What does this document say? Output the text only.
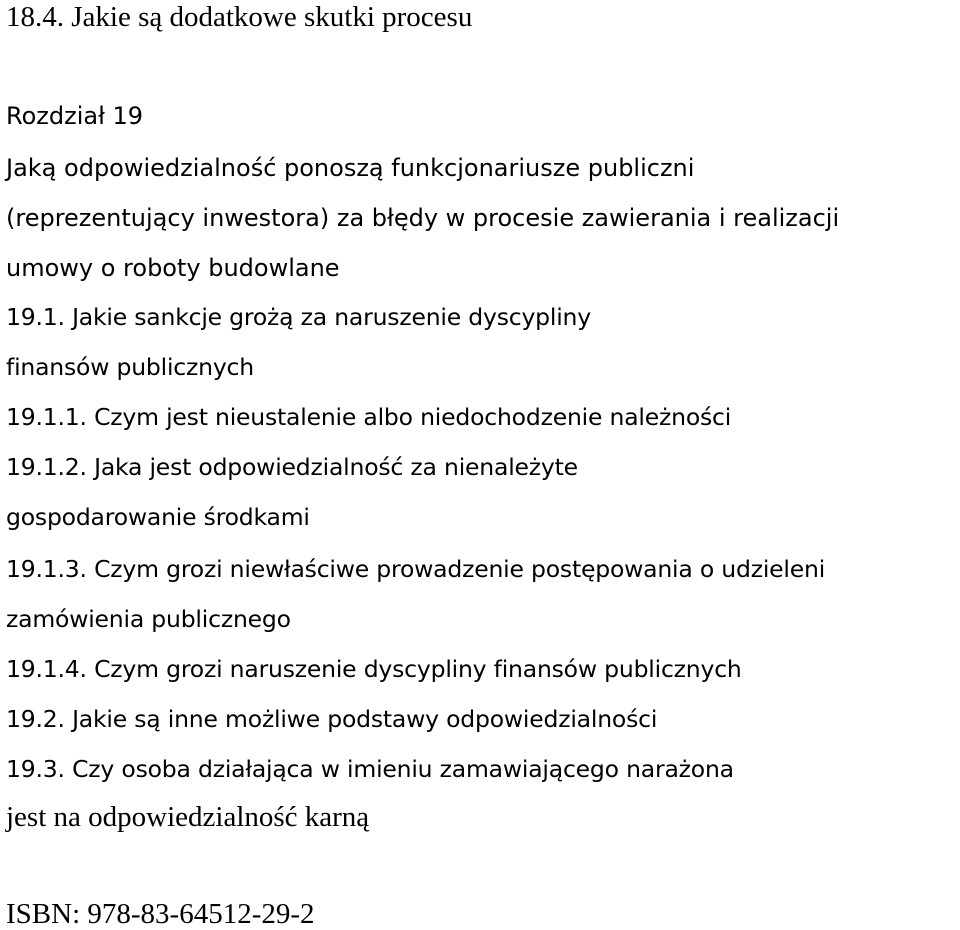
18.4. Jakie są dodatkowe skutki procesu
Rozdział 19
Jaką odpowiedzialność ponoszą funkcjonariusze publiczni
(reprezentujący inwestora) za błędy w procesie zawierania i realizacji
umowy o roboty budowlane
19.1. Jakie sankcje grożą za naruszenie dyscypliny
finansów publicznych
19.1.1. Czym jest nieustalenie albo niedochodzenie należności
19.1.2. Jaka jest odpowiedzialność za nienależyte
gospodarowanie środkami
19.1.3. Czym grozi niewłaściwe prowadzenie postępowania o udzieleni
zamówienia publicznego
19.1.4. Czym grozi naruszenie dyscypliny finansów publicznych
19.2. Jakie są inne możliwe podstawy odpowiedzialności
19.3. Czy osoba działająca w imieniu zamawiającego narażona
jest na odpowiedzialność karną
ISBN: 978-83-64512-29-2
